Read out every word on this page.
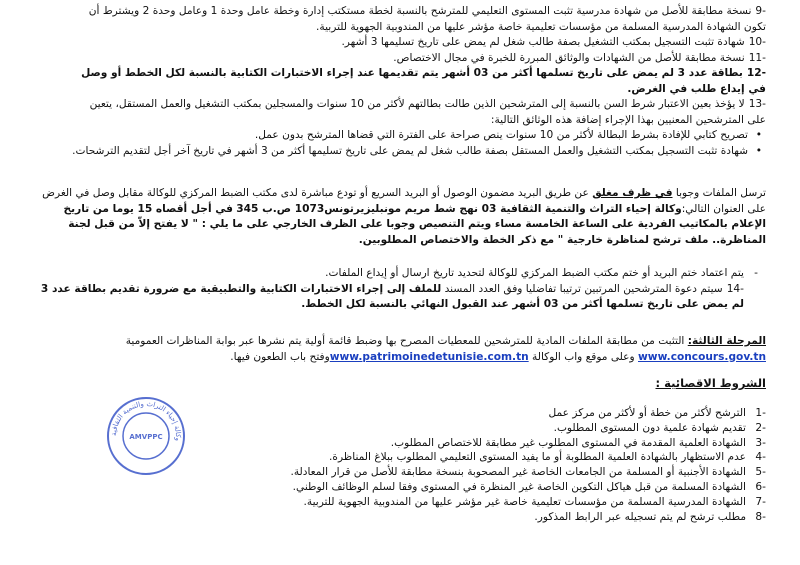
-9نسخة مطابقة للأصل من شهادة مدرسية تثبت المستوى التعليمي للمترشح بالنسبة لخطة مستكتب إدارة وخطة عامل وحدة 1 وعامل وحدة 2 ويشترط أن تكون الشهادة المدرسية المسلمة من مؤسسات تعليمية خاصة مؤشر عليها من المندوبية الجهوية للتربية.
-10شهادة تثبت التسجيل بمكتب التشغيل بصفة طالب شغل لم يمض على تاريخ تسليمها 3 أشهر.
-11نسخة مطابقة للأصل من الشهادات والوثائق المبررة للخبرة في مجال الاختصاص.
-12بطاقة عدد 3 لم يمض على تاريخ تسلمها أكثر من 03 أشهر يتم تقديمها عند إجراء الاختبارات الكتابية بالنسبة لكل الخطط أو وصل في إيداع طلب في الغرض.
-13لا يؤخذ بعين الاعتبار شرط السن بالنسبة إلى المترشحين الذين طالت بطالتهم لأكثر من 10 سنوات والمسجلين بمكتب التشغيل والعمل المستقل، يتعين على المترشحين المعنيين بهذا الإجراء إضافة هذه الوثائق التالية:
•
تصريح كتابي للإفادة بشرط البطالة لأكثر من 10 سنوات ينص صراحة على الفترة التي قضاها المترشح بدون عمل.
•
شهادة تثبت التسجيل بمكتب التشغيل والعمل المستقل بصفة طالب شغل لم يمض على تاريخ تسليمها أكثر من 3 أشهر في تاريخ آخر أجل لتقديم الترشحات.
ترسل الملفات وجوبا في ظرف مغلق عن طريق البريد مضمون الوصول أو البريد السريع أو تودع مباشرة لدى مكتب الضبط المركزي للوكالة مقابل وصل في الغرض على العنوان التالي:وكالة إحياء التراث والتنمية الثقافية 03 نهج شط مريم مونبليزيرتونس1073 ص.ب 345 في أجل أقصاه 15 يوما من تاريخ الإعلام بالمكاتيب الفردية على الساعة الخامسة مساء ويتم التنصيص وجوبا على الظرف الخارجي على ما يلي : " لا يفتح إلاّ من قبل لجنة المناظرة.. ملف ترشح لمناظرة خارجية " مع ذكر الخطة والاختصاص المطلوبين.
-
يتم اعتماد ختم البريد أو ختم مكتب الضبط المركزي للوكالة لتحديد تاريخ ارسال أو إيداع الملفات.
-14سيتم دعوة المترشحين المرتبين ترتيبا تفاضليا وفق العدد المسند للملف إلى إجراء الاختبارات الكتابية والتطبيقية مع ضرورة تقديم بطاقة عدد 3 لم يمض على تاريخ تسلمها أكثر من 03 أشهر عند القبول النهائي بالنسبة لكل الخطط.
المرحلة الثالثة: التثبت من مطابقة الملفات المادية للمترشحين للمعطيات المصرح بها وضبط قائمة أولية يتم نشرها عبر بوابة المناظرات العمومية www.concours.gov.tn وعلى موقع واب الوكالة www.patrimoinedetunisie.com.tnوفتح باب الطعون فيها.
الشروط الاقصائية :
-1
الترشح لأكثر من خطة أو لأكثر من مركز عمل
-2
تقديم شهادة علمية دون المستوى المطلوب.
-3
الشهادة العلمية المقدمة في المستوى المطلوب غير مطابقة للاختصاص المطلوب.
-4
عدم الاستظهار بالشهادة العلمية المطلوبة أو ما يفيد المستوى التعليمي المطلوب ببلاغ المناظرة.
-5
الشهادة الأجنبية أو المسلمة من الجامعات الخاصة غير المصحوبة بنسخة مطابقة للأصل من قرار المعادلة.
-6
الشهادة المسلمة من قبل هياكل التكوين الخاصة غير المنظرة في المستوى وفقا لسلم الوظائف الوطني.
-7
الشهادة المدرسية المسلمة من مؤسسات تعليمية خاصة غير مؤشر عليها من المندوبية الجهوية للتربية.
-8
مطلب ترشح لم يتم تسجيله عبر الرابط المذكور.
وكالة إحياء التراث والتنمية الثقافية
AMVPPC
